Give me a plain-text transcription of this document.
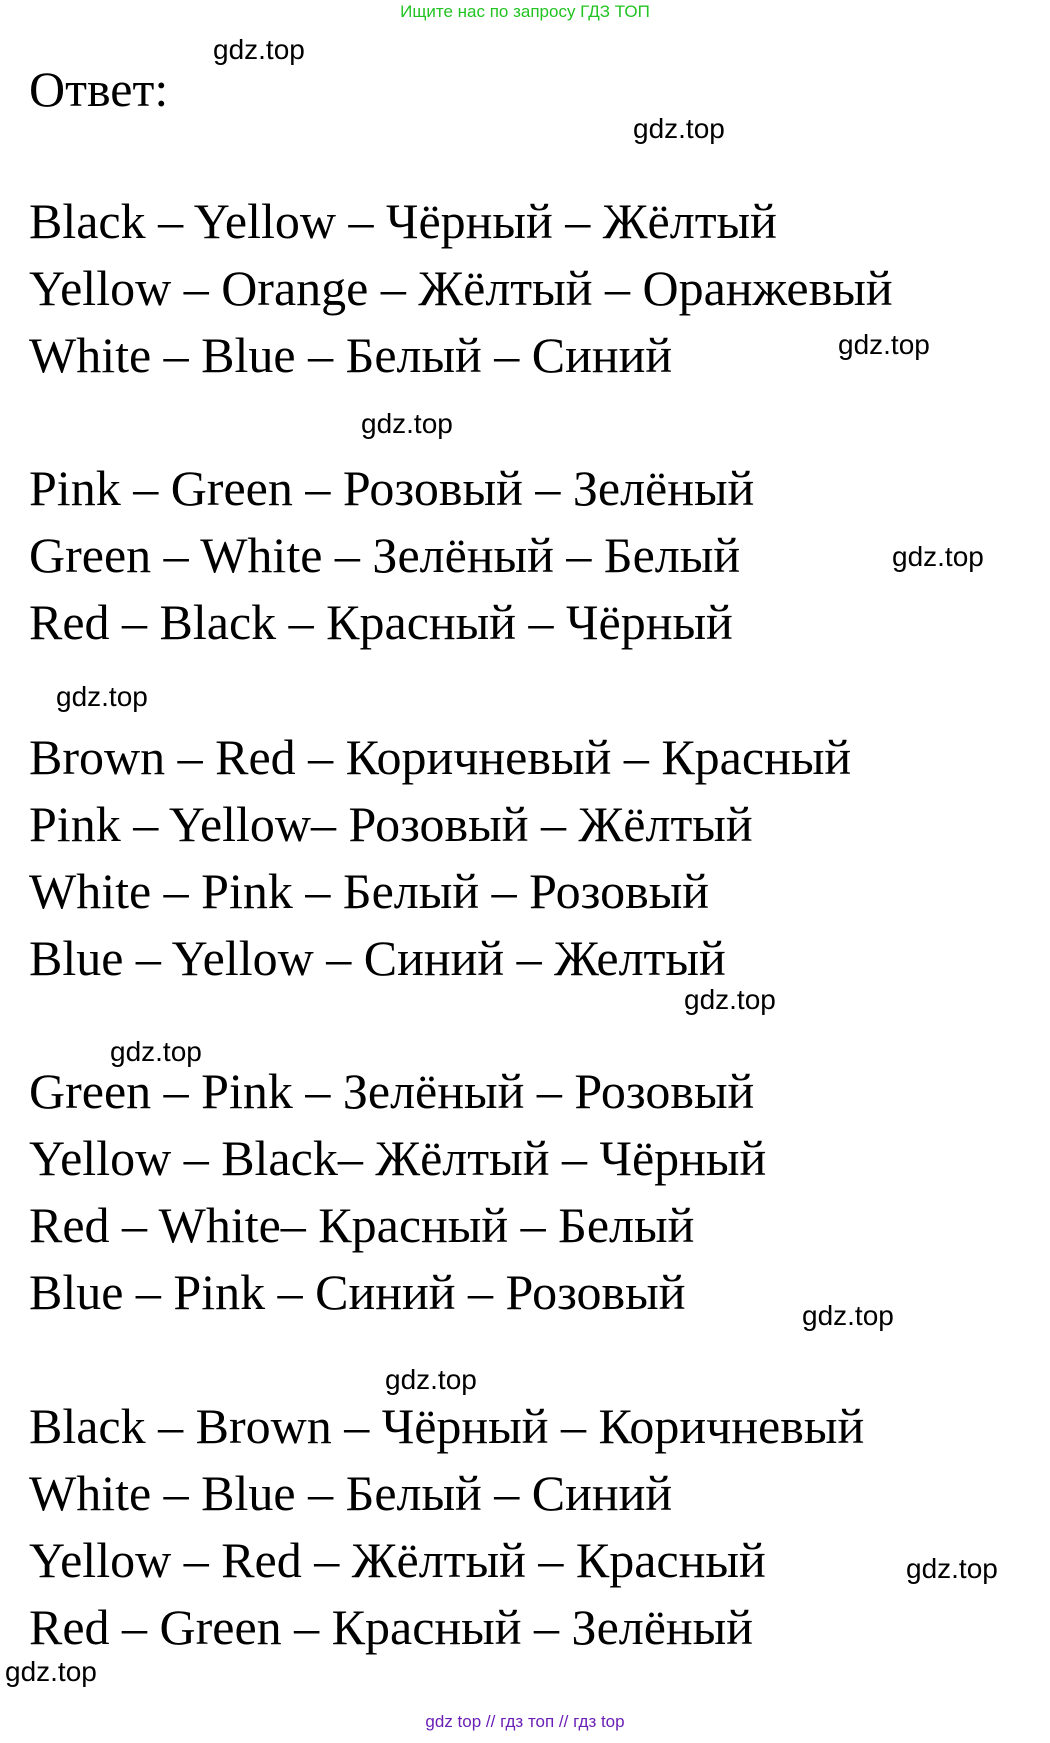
Ищите нас по запросу ГДЗ ТОП
Ответ:
Black – Yellow – Чёрный – Жёлтый
Yellow – Orange – Жёлтый – Оранжевый
White – Blue – Белый – Синий
Pink – Green – Розовый – Зелёный
Green – White – Зелёный – Белый
Red – Black – Красный – Чёрный
Brown – Red – Коричневый – Красный
Pink – Yellow– Розовый – Жёлтый
White – Pink – Белый – Розовый
Blue – Yellow – Синий – Желтый
Green – Pink – Зелёный – Розовый
Yellow – Black– Жёлтый – Чёрный
Red – White– Красный – Белый
Blue – Pink – Синий – Розовый
Black – Brown – Чёрный – Коричневый
White – Blue – Белый – Синий
Yellow – Red – Жёлтый – Красный
Red – Green – Красный – Зелёный
gdz.top
gdz.top
gdz.top
gdz.top
gdz.top
gdz.top
gdz.top
gdz.top
gdz.top
gdz.top
gdz.top
gdz.top
gdz top // гдз топ // гдз top
